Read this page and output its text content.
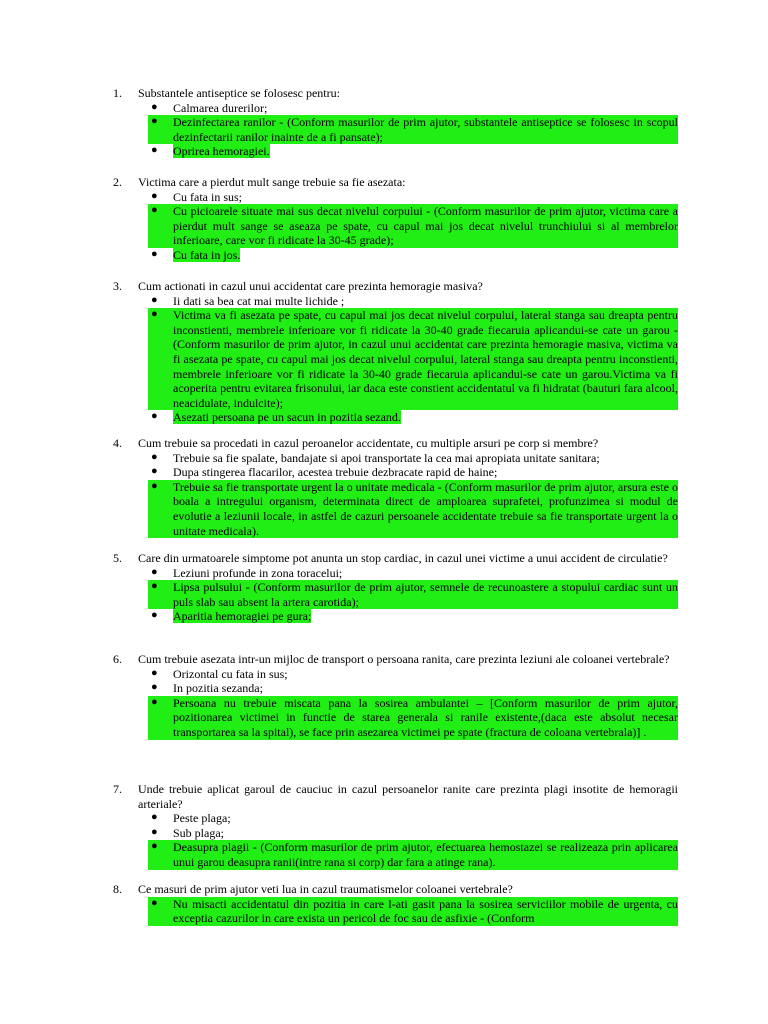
1. Substantele antiseptice se folosesc pentru:
● Calmarea durerilor;
● Dezinfectarea ranilor - (Conform masurilor de prim ajutor, substantele antiseptice se folosesc in scopul dezinfectarii ranilor inainte de a fi pansate);
● Oprirea hemoragiei.
2. Victima care a pierdut mult sange trebuie sa fie asezata:
● Cu fata in sus;
● Cu picioarele situate mai sus decat nivelul corpului - (Conform masurilor de prim ajutor, victima care a pierdut mult sange se aseaza pe spate, cu capul mai jos decat nivelul trunchiului si al membrelor inferioare, care vor fi ridicate la 30-45 grade);
● Cu fata in jos.
3. Cum actionati in cazul unui accidentat care prezinta hemoragie masiva?
● Ii dati sa bea cat mai multe lichide ;
● Victima va fi asezata pe spate, cu capul mai jos decat nivelul corpului, lateral stanga sau dreapta pentru inconstienti, membrele inferioare vor fi ridicate la 30-40 grade fiecaruia aplicandui-se cate un garou - (Conform masurilor de prim ajutor, in cazul unui accidentat care prezinta hemoragie masiva, victima va fi asezata pe spate, cu capul mai jos decat nivelul corpului, lateral stanga sau dreapta pentru inconstienti, membrele inferioare vor fi ridicate la 30-40 grade fiecaruia aplicandui-se cate un garou.Victima va fi acoperita pentru evitarea frisonului, iar daca este constient accidentatul va fi hidratat (bauturi fara alcool, neacidulate, indulcite);
● Asezati persoana pe un sacun in pozitia sezand.
4. Cum trebuie sa procedati in cazul peroanelor accidentate, cu multiple arsuri pe corp si membre?
● Trebuie sa fie spalate, bandajate si apoi transportate la cea mai apropiata unitate sanitara;
● Dupa stingerea flacarilor, acestea trebuie dezbracate rapid de haine;
● Trebuie sa fie transportate urgent la o unitate medicala - (Conform masurilor de prim ajutor, arsura este o boala a intregului organism, determinata direct de amploarea suprafetei, profunzimea si modul de evolutie a leziunii locale, in astfel de cazuri persoanele accidentate trebuie sa fie transportate urgent la o unitate medicala).
5. Care din urmatoarele simptome pot anunta un stop cardiac, in cazul unei victime a unui accident de circulatie?
● Leziuni profunde in zona toracelui;
● Lipsa pulsului - (Conform masurilor de prim ajutor, semnele de recunoastere a stopului cardiac sunt un puls slab sau absent la artera carotida);
● Aparitia hemoragiei pe gura;
6. Cum trebuie asezata intr-un mijloc de transport o persoana ranita, care prezinta leziuni ale coloanei vertebrale?
● Orizontal cu fata in sus;
● In pozitia sezanda;
● Persoana nu trebuie miscata pana la sosirea ambulantei – [Conform masurilor de prim ajutor, pozitionarea victimei in functie de starea generala si ranile existente,(daca este absolut necesar transportarea sa la spital), se face prin asezarea victimei pe spate (fractura de coloana vertebrala)] .
7. Unde trebuie aplicat garoul de cauciuc in cazul persoanelor ranite care prezinta plagi insotite de hemoragii arteriale?
● Peste plaga;
● Sub plaga;
● Deasupra plagii - (Conform masurilor de prim ajutor, efectuarea hemostazei se realizeaza prin aplicarea unui garou deasupra ranii(intre rana si corp) dar fara a atinge rana).
8. Ce masuri de prim ajutor veti lua in cazul traumatismelor coloanei vertebrale?
● Nu misacti accidentatul din pozitia in care l-ati gasit pana la sosirea serviciilor mobile de urgenta, cu exceptia cazurilor in care exista un pericol de foc sau de asfixie - (Conform
